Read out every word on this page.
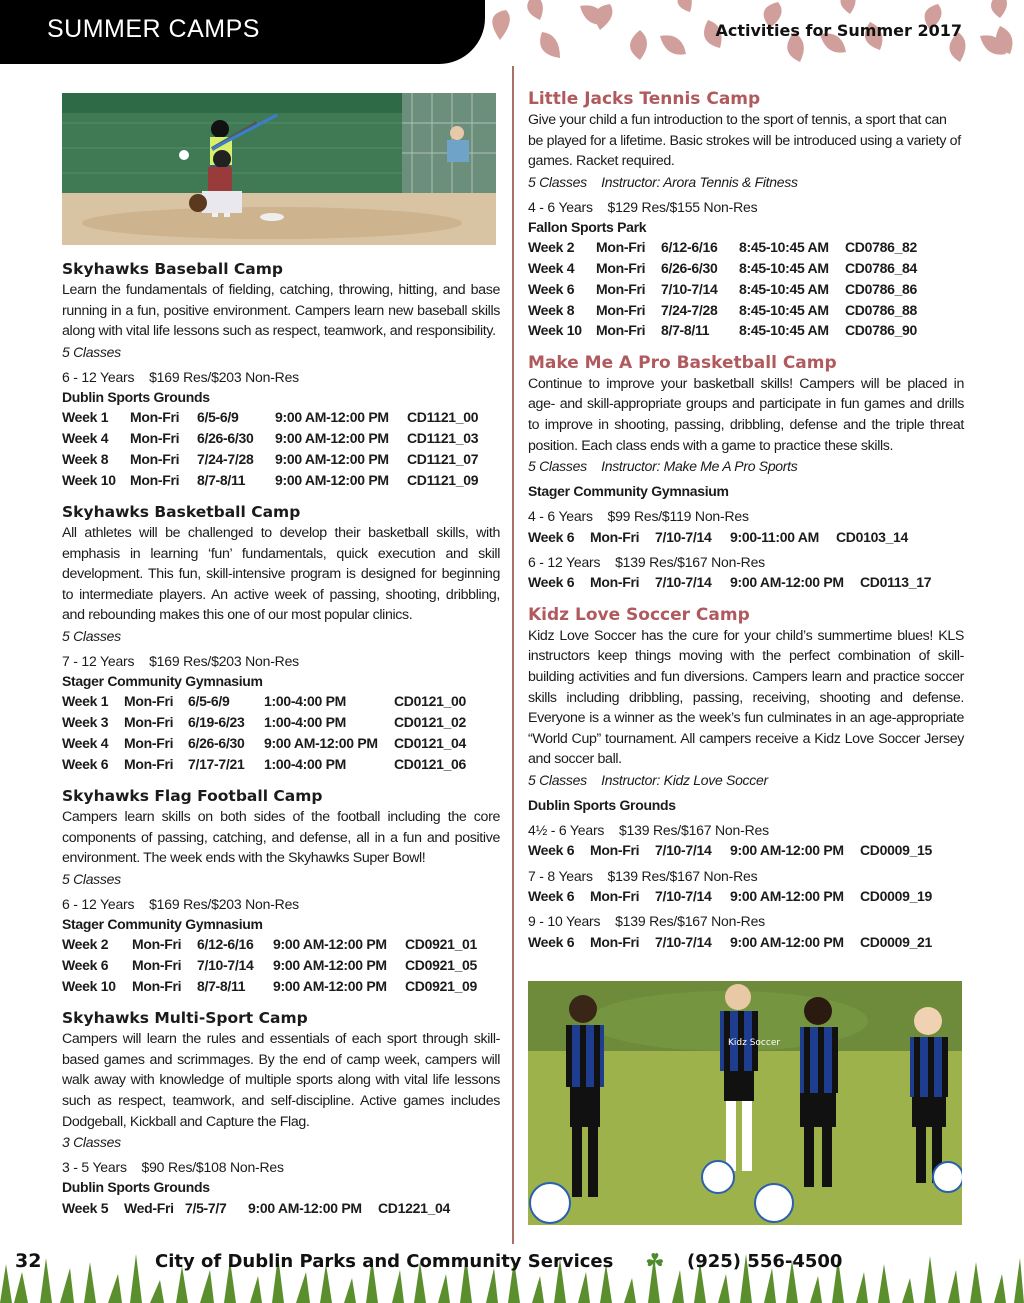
SUMMER CAMPS	Activities for Summer 2017
Skyhawks Baseball Camp

Learn the fundamentals of fielding, catching, throwing, hitting, and base running in a fun, positive environment. Campers learn new baseball skills along with vital life lessons such as respect, teamwork, and responsibility.

5 Classes

6 - 12 Years    $169 Res/$203 Non-Res

Dublin Sports Grounds

Week 1	Mon-Fri	6/5-6/9	9:00 AM-12:00 PM	CD1121_00
Week 4	Mon-Fri	6/26-6/30	9:00 AM-12:00 PM	CD1121_03
Week 8	Mon-Fri	7/24-7/28	9:00 AM-12:00 PM	CD1121_07
Week 10	Mon-Fri	8/7-8/11	9:00 AM-12:00 PM	CD1121_09
Skyhawks Basketball Camp

All athletes will be challenged to develop their basketball skills, with emphasis in learning ‘fun’ fundamentals, quick execution and skill development. This fun, skill-intensive program is designed for beginning to intermediate players. An active week of passing, shooting, dribbling, and rebounding makes this one of our most popular clinics.

5 Classes

7 - 12 Years    $169 Res/$203 Non-Res

Stager Community Gymnasium

Week 1	Mon-Fri	6/5-6/9	1:00-4:00 PM	CD0121_00
Week 3	Mon-Fri	6/19-6/23	1:00-4:00 PM	CD0121_02
Week 4	Mon-Fri	6/26-6/30	9:00 AM-12:00 PM	CD0121_04
Week 6	Mon-Fri	7/17-7/21	1:00-4:00 PM	CD0121_06
Skyhawks Flag Football Camp

Campers learn skills on both sides of the football including the core components of passing, catching, and defense, all in a fun and positive environment. The week ends with the Skyhawks Super Bowl!

5 Classes

6 - 12 Years    $169 Res/$203 Non-Res

Stager Community Gymnasium

Week 2	Mon-Fri	6/12-6/16	9:00 AM-12:00 PM	CD0921_01
Week 6	Mon-Fri	7/10-7/14	9:00 AM-12:00 PM	CD0921_05
Week 10	Mon-Fri	8/7-8/11	9:00 AM-12:00 PM	CD0921_09
Skyhawks Multi-Sport Camp

Campers will learn the rules and essentials of each sport through skill-based games and scrimmages. By the end of camp week, campers will walk away with knowledge of multiple sports along with vital life lessons such as respect, teamwork, and self-discipline. Active games includes Dodgeball, Kickball and Capture the Flag.

3 Classes

3 - 5 Years    $90 Res/$108 Non-Res

Dublin Sports Grounds

Week 5	Wed-Fri	7/5-7/7	9:00 AM-12:00 PM	CD1221_04
Little Jacks Tennis Camp

Give your child a fun introduction to the sport of tennis, a sport that can be played for a lifetime. Basic strokes will be introduced using a variety of games. Racket required.

5 Classes    Instructor: Arora Tennis & Fitness

4 - 6 Years    $129 Res/$155 Non-Res

Fallon Sports Park

Week 2	Mon-Fri	6/12-6/16	8:45-10:45 AM	CD0786_82
Week 4	Mon-Fri	6/26-6/30	8:45-10:45 AM	CD0786_84
Week 6	Mon-Fri	7/10-7/14	8:45-10:45 AM	CD0786_86
Week 8	Mon-Fri	7/24-7/28	8:45-10:45 AM	CD0786_88
Week 10	Mon-Fri	8/7-8/11	8:45-10:45 AM	CD0786_90
Make Me A Pro Basketball Camp

Continue to improve your basketball skills! Campers will be placed in age- and skill-appropriate groups and participate in fun games and drills to improve in shooting, passing, dribbling, defense and the triple threat position. Each class ends with a game to practice these skills.

5 Classes    Instructor: Make Me A Pro Sports

Stager Community Gymnasium

4 - 6 Years    $99 Res/$119 Non-Res

Week 6	Mon-Fri	7/10-7/14	9:00-11:00 AM	CD0103_14

6 - 12 Years    $139 Res/$167 Non-Res

Week 6	Mon-Fri	7/10-7/14	9:00 AM-12:00 PM	CD0113_17
Kidz Love Soccer Camp

Kidz Love Soccer has the cure for your child’s summertime blues! KLS instructors keep things moving with the perfect combination of skill-building activities and fun diversions. Campers learn and practice soccer skills including dribbling, passing, receiving, shooting and defense. Everyone is a winner as the week’s fun culminates in an age-appropriate “World Cup” tournament. All campers receive a Kidz Love Soccer Jersey and soccer ball.

5 Classes    Instructor: Kidz Love Soccer

Dublin Sports Grounds

4½ - 6 Years    $139 Res/$167 Non-Res

Week 6	Mon-Fri	7/10-7/14	9:00 AM-12:00 PM	CD0009_15

7 - 8 Years    $139 Res/$167 Non-Res

Week 6	Mon-Fri	7/10-7/14	9:00 AM-12:00 PM	CD0009_19

9 - 10 Years    $139 Res/$167 Non-Res

Week 6	Mon-Fri	7/10-7/14	9:00 AM-12:00 PM	CD0009_21
Kidz Soccer
32	City of Dublin Parks and Community Services ☘ (925) 556-4500
